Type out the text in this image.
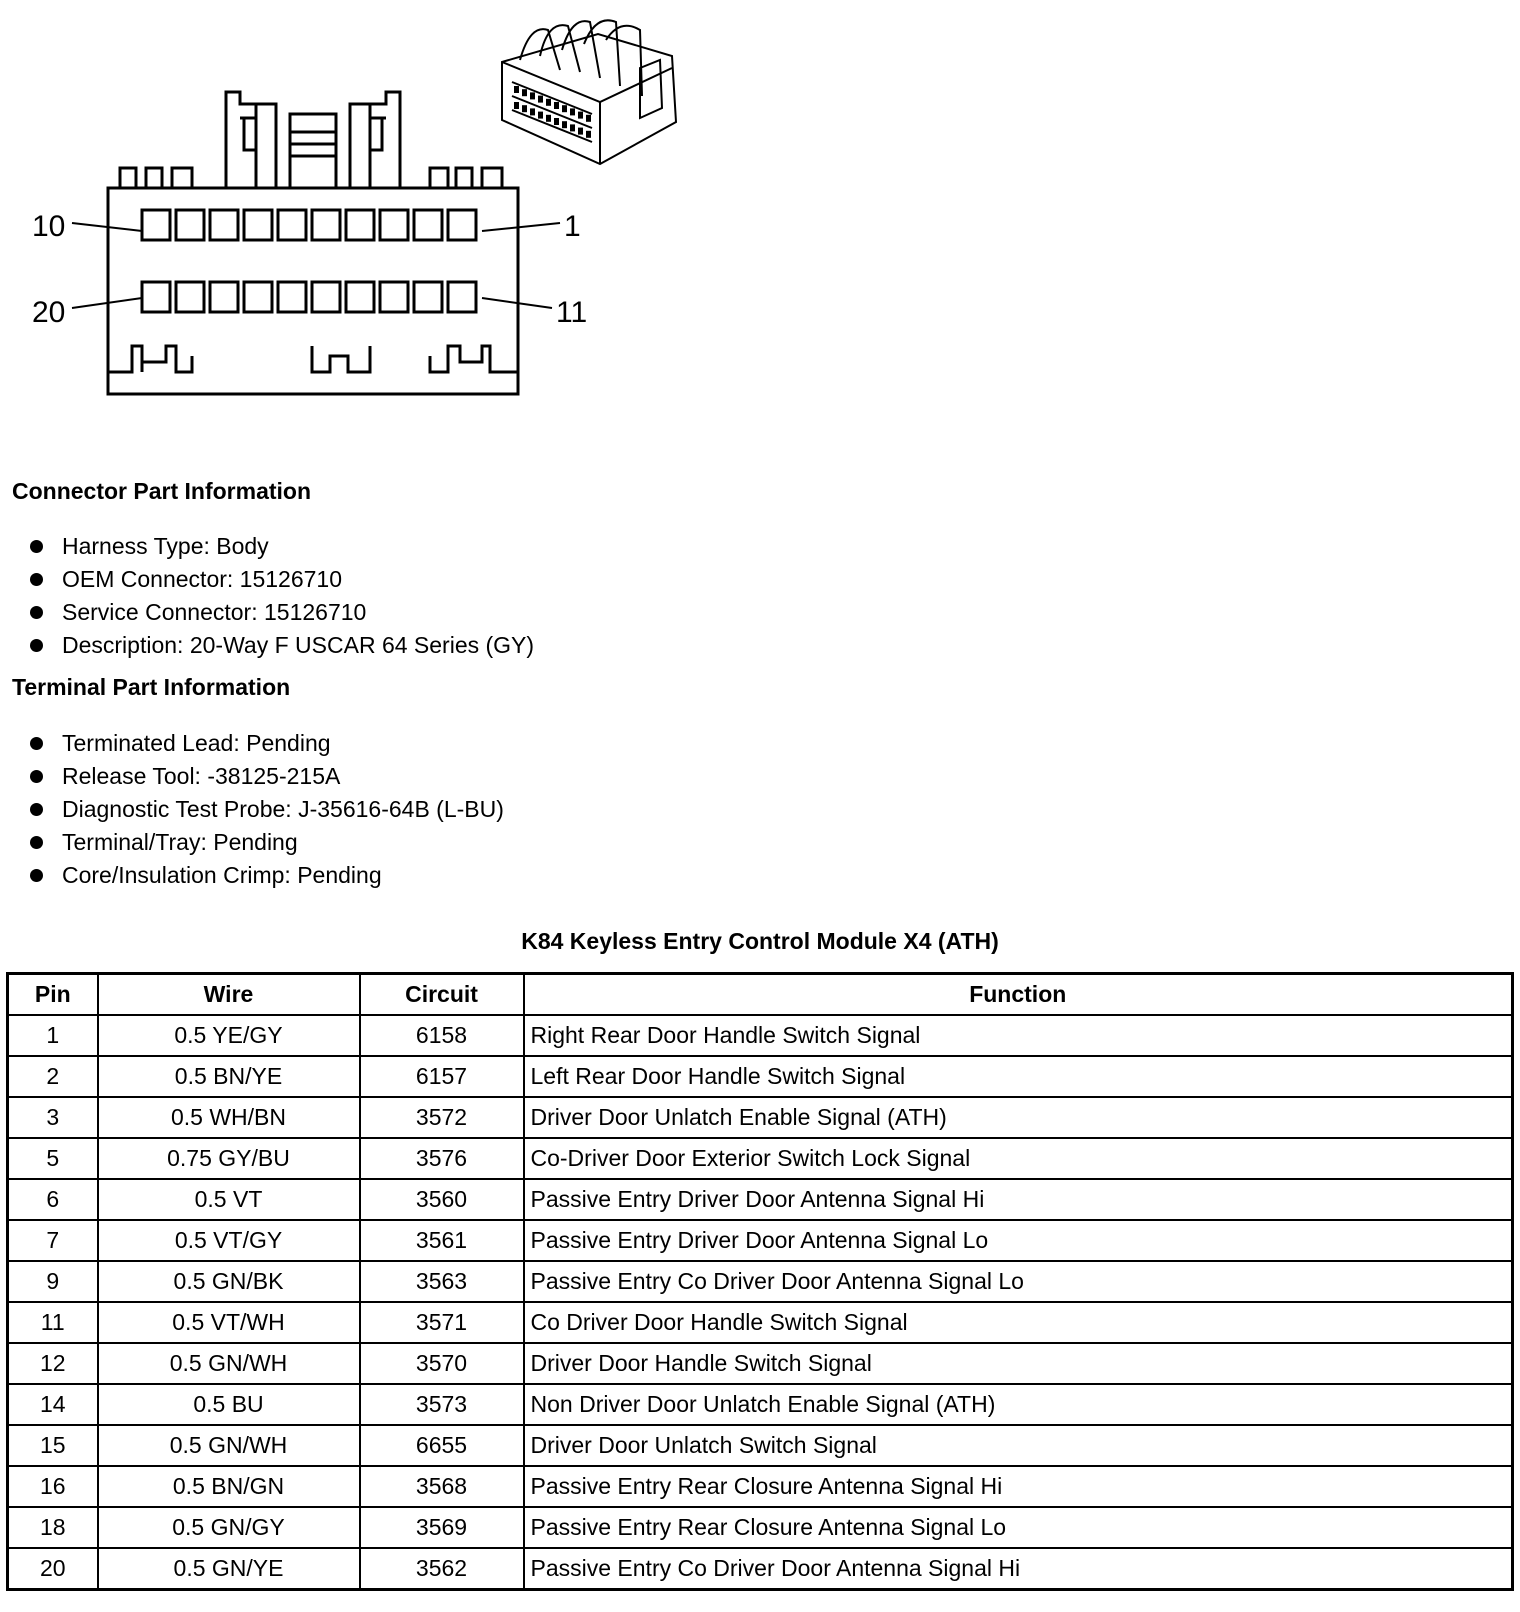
10	1
20	11
Connector Part Information
Harness Type: Body
OEM Connector: 15126710
Service Connector: 15126710
Description: 20-Way F USCAR 64 Series (GY)
Terminal Part Information
Terminated Lead: Pending
Release Tool: -38125-215A
Diagnostic Test Probe: J-35616-64B (L-BU)
Terminal/Tray: Pending
Core/Insulation Crimp: Pending
K84 Keyless Entry Control Module X4 (ATH)
Pin	Wire	Circuit	Function
1	0.5 YE/GY	6158	Right Rear Door Handle Switch Signal
2	0.5 BN/YE	6157	Left Rear Door Handle Switch Signal
3	0.5 WH/BN	3572	Driver Door Unlatch Enable Signal (ATH)
5	0.75 GY/BU	3576	Co-Driver Door Exterior Switch Lock Signal
6	0.5 VT	3560	Passive Entry Driver Door Antenna Signal Hi
7	0.5 VT/GY	3561	Passive Entry Driver Door Antenna Signal Lo
9	0.5 GN/BK	3563	Passive Entry Co Driver Door Antenna Signal Lo
11	0.5 VT/WH	3571	Co Driver Door Handle Switch Signal
12	0.5 GN/WH	3570	Driver Door Handle Switch Signal
14	0.5 BU	3573	Non Driver Door Unlatch Enable Signal (ATH)
15	0.5 GN/WH	6655	Driver Door Unlatch Switch Signal
16	0.5 BN/GN	3568	Passive Entry Rear Closure Antenna Signal Hi
18	0.5 GN/GY	3569	Passive Entry Rear Closure Antenna Signal Lo
20	0.5 GN/YE	3562	Passive Entry Co Driver Door Antenna Signal Hi
